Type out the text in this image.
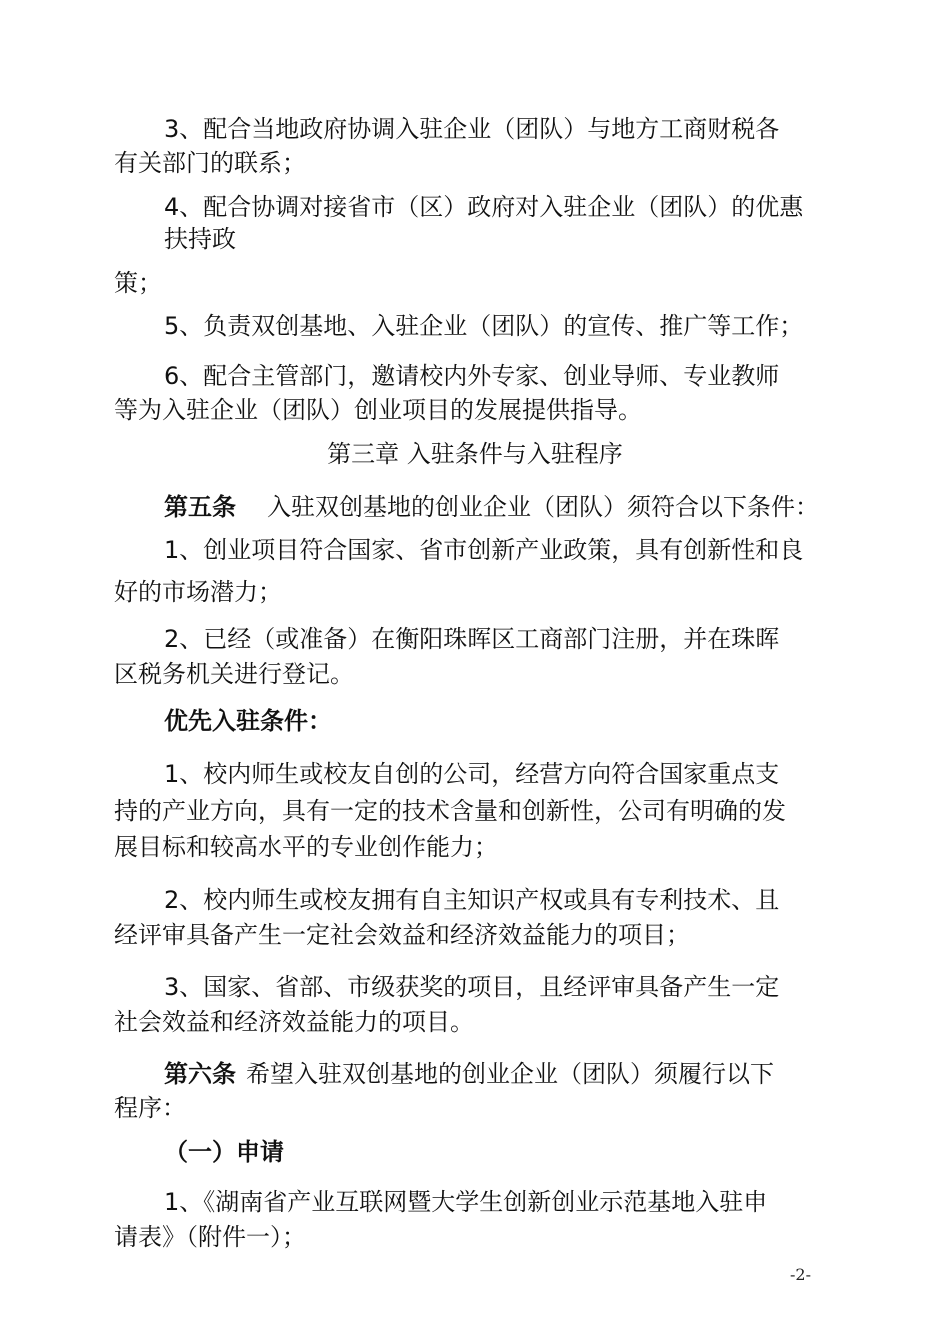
3、配合当地政府协调入驻企业（团队）与地方工商财税各
有关部门的联系；
4、配合协调对接省市（区）政府对入驻企业（团队）的优惠
扶持政
策；
5、负责双创基地、入驻企业（团队）的宣传、推广等工作；
6、配合主管部门，邀请校内外专家、创业导师、专业教师
等为入驻企业（团队）创业项目的发展提供指导。
第三章 入驻条件与入驻程序
第五条	入驻双创基地的创业企业（团队）须符合以下条件：
1、创业项目符合国家、省市创新产业政策，具有创新性和良
好的市场潜力；
2、已经（或准备）在衡阳珠晖区工商部门注册，并在珠晖
区税务机关进行登记。
优先入驻条件：
1、校内师生或校友自创的公司，经营方向符合国家重点支
持的产业方向，具有一定的技术含量和创新性，公司有明确的发
展目标和较高水平的专业创作能力；
2、校内师生或校友拥有自主知识产权或具有专利技术、且
经评审具备产生一定社会效益和经济效益能力的项目；
3、国家、省部、市级获奖的项目，且经评审具备产生一定
社会效益和经济效益能力的项目。
第六条 希望入驻双创基地的创业企业（团队）须履行以下
程序：
（一）申请
1、《湖南省产业互联网暨大学生创新创业示范基地入驻申
请表》（附件一）；
-2-
